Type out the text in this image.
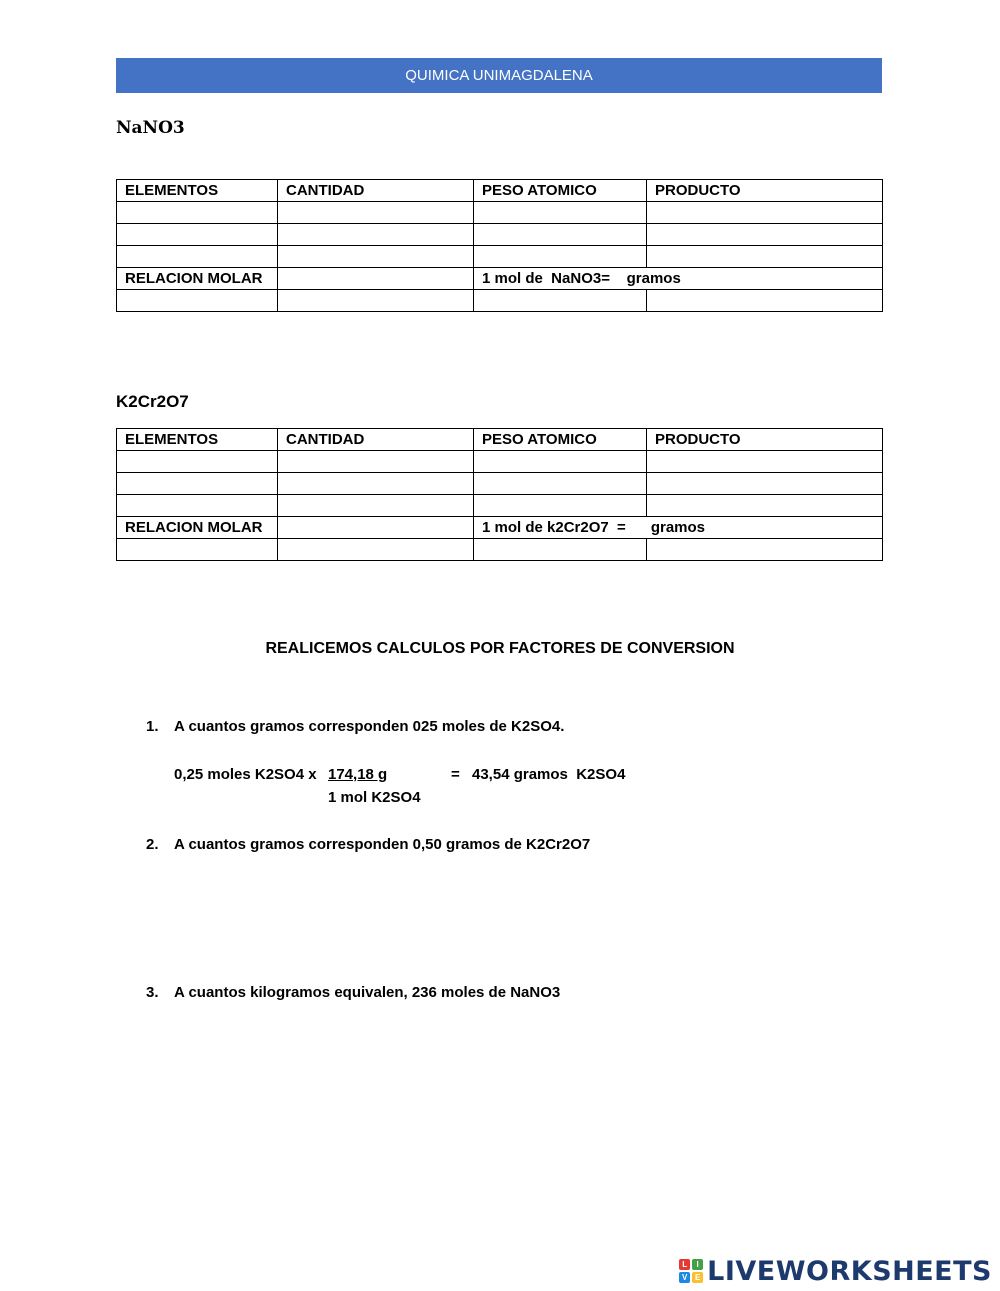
QUIMICA UNIMAGDALENA
NaNO3
ELEMENTOS	CANTIDAD	PESO ATOMICO	PRODUCTO

RELACION MOLAR		1 mol de  NaNO3=    gramos	

K2Cr2O7
ELEMENTOS	CANTIDAD	PESO ATOMICO	PRODUCTO

RELACION MOLAR		1 mol de k2Cr2O7  =      gramos	

REALICEMOS CALCULOS POR FACTORES DE CONVERSION
1. A cuantos gramos corresponden 025 moles de K2SO4.
0,25 moles K2SO4 x 174,18 g	= 43,54 gramos  K2SO4
1 mol K2SO4
2. A cuantos gramos corresponden 0,50 gramos de K2Cr2O7
3. A cuantos kilogramos equivalen, 236 moles de NaNO3
L	I
V E LIVEWORKSHEETS
